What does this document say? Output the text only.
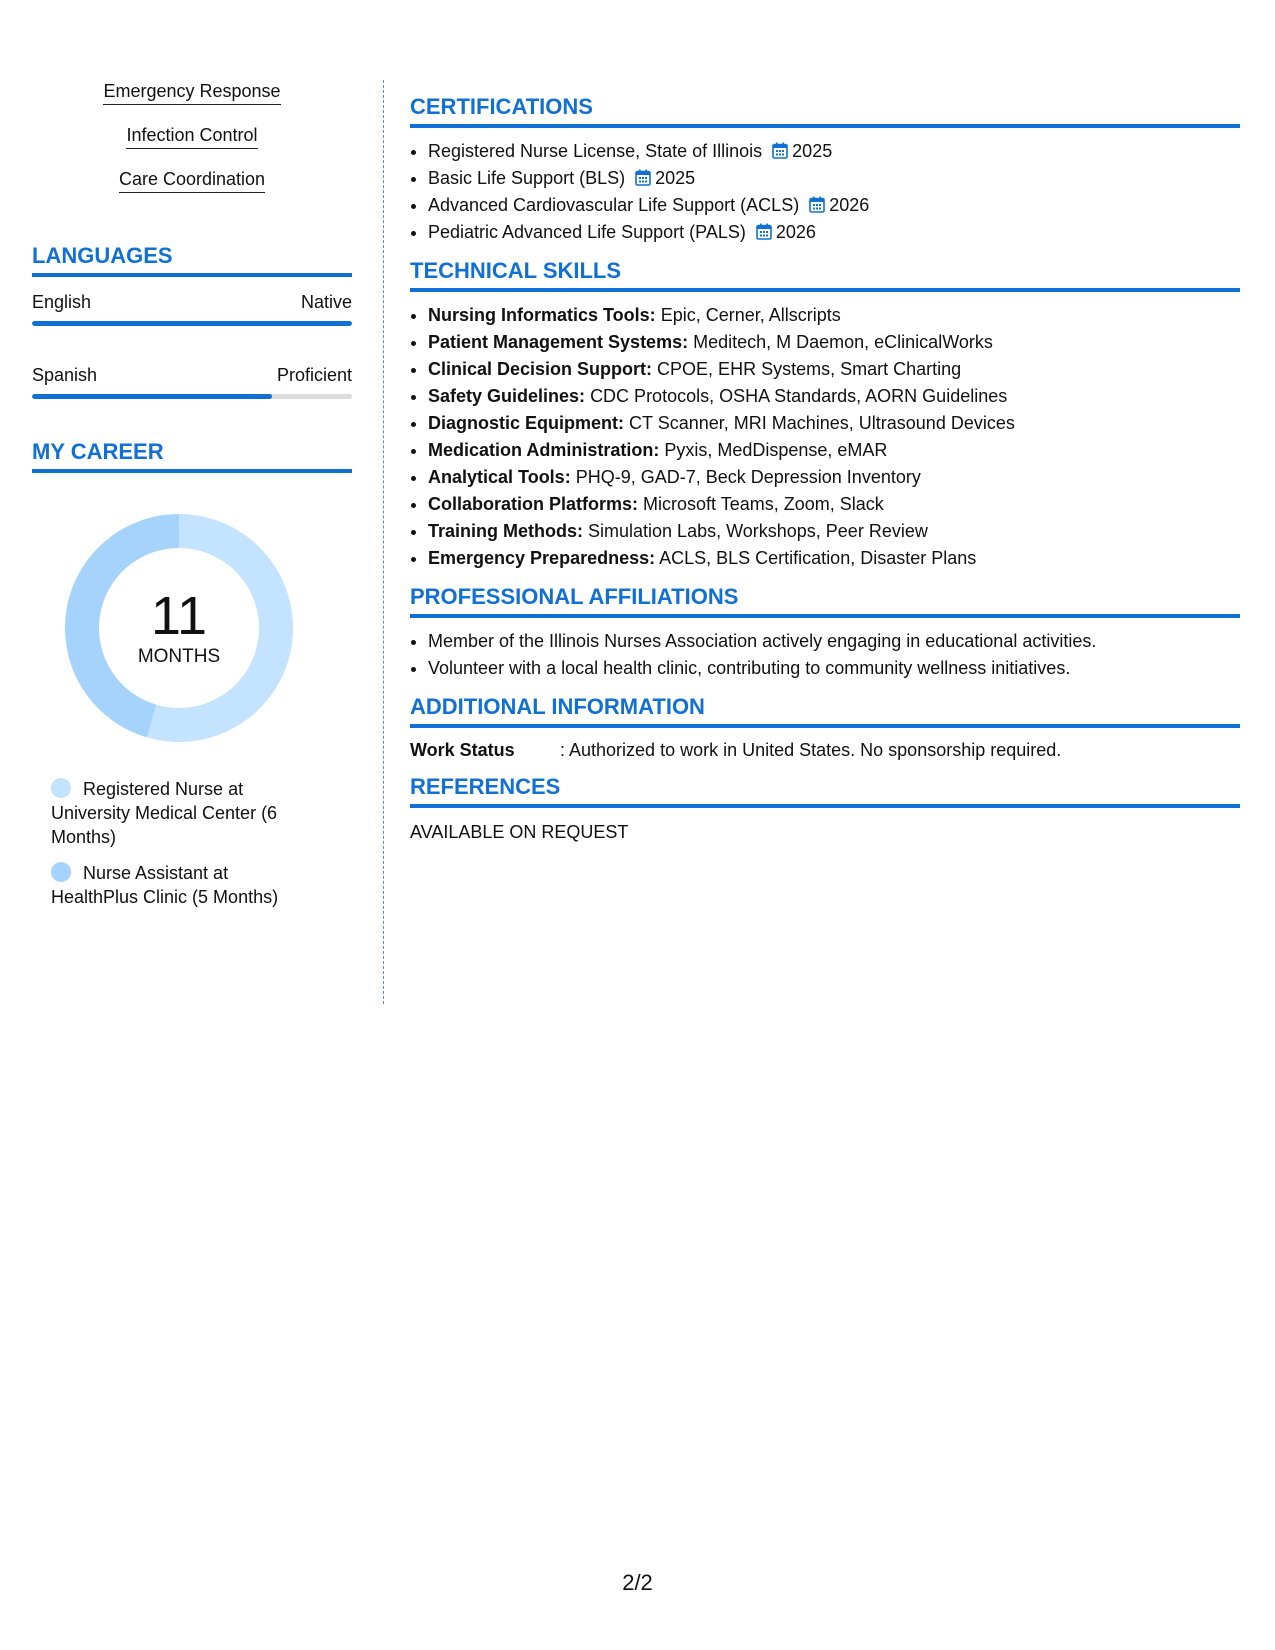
Emergency Response
Infection Control
Care Coordination
LANGUAGES
English	Native
Spanish	Proficient
MY CAREER
11
MONTHS
Registered Nurse at University Medical Center (6 Months)
Nurse Assistant at HealthPlus Clinic (5 Months)
CERTIFICATIONS
• Registered Nurse License, State of Illinois 2025
• Basic Life Support (BLS) 2025
• Advanced Cardiovascular Life Support (ACLS) 2026
• Pediatric Advanced Life Support (PALS) 2026
TECHNICAL SKILLS
• Nursing Informatics Tools: Epic, Cerner, Allscripts
• Patient Management Systems: Meditech, M Daemon, eClinicalWorks
• Clinical Decision Support: CPOE, EHR Systems, Smart Charting
• Safety Guidelines: CDC Protocols, OSHA Standards, AORN Guidelines
• Diagnostic Equipment: CT Scanner, MRI Machines, Ultrasound Devices
• Medication Administration: Pyxis, MedDispense, eMAR
• Analytical Tools: PHQ-9, GAD-7, Beck Depression Inventory
• Collaboration Platforms: Microsoft Teams, Zoom, Slack
• Training Methods: Simulation Labs, Workshops, Peer Review
• Emergency Preparedness: ACLS, BLS Certification, Disaster Plans
PROFESSIONAL AFFILIATIONS
• Member of the Illinois Nurses Association actively engaging in educational activities.
• Volunteer with a local health clinic, contributing to community wellness initiatives.
ADDITIONAL INFORMATION
Work Status	: Authorized to work in United States. No sponsorship required.
REFERENCES
AVAILABLE ON REQUEST
2/2
